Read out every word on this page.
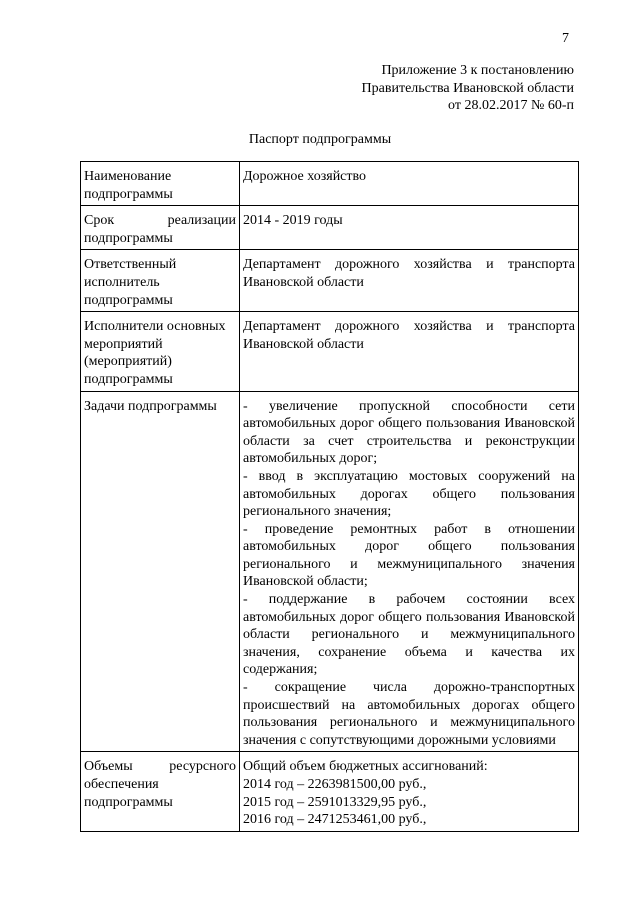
7
Приложение 3 к постановлению
Правительства Ивановской области
от 28.02.2017 № 60-п
Паспорт подпрограммы
Наименование подпрограммы	Дорожное хозяйство
Срок реализации подпрограммы	2014 - 2019 годы
Ответственный исполнитель подпрограммы	Департамент дорожного хозяйства и транспорта Ивановской области
Исполнители основных мероприятий (мероприятий) подпрограммы	Департамент дорожного хозяйства и транспорта Ивановской области
Задачи подпрограммы	- увеличение пропускной способности сети автомобильных дорог общего пользования Ивановской области за счет строительства и реконструкции автомобильных дорог;
- ввод в эксплуатацию мостовых сооружений на автомобильных дорогах общего пользования регионального значения;
- проведение ремонтных работ в отношении автомобильных дорог общего пользования регионального и межмуниципального значения Ивановской области;
- поддержание в рабочем состоянии всех автомобильных дорог общего пользования Ивановской области регионального и межмуниципального значения, сохранение объема и качества их содержания;
- сокращение числа дорожно-транспортных происшествий на автомобильных дорогах общего пользования регионального и межмуниципального значения с сопутствующими дорожными условиями

Объемы ресурсного обеспечения подпрограммы	Общий объем бюджетных ассигнований:
2014 год – 2263981500,00 руб.,
2015 год – 2591013329,95 руб.,
2016 год – 2471253461,00 руб.,
